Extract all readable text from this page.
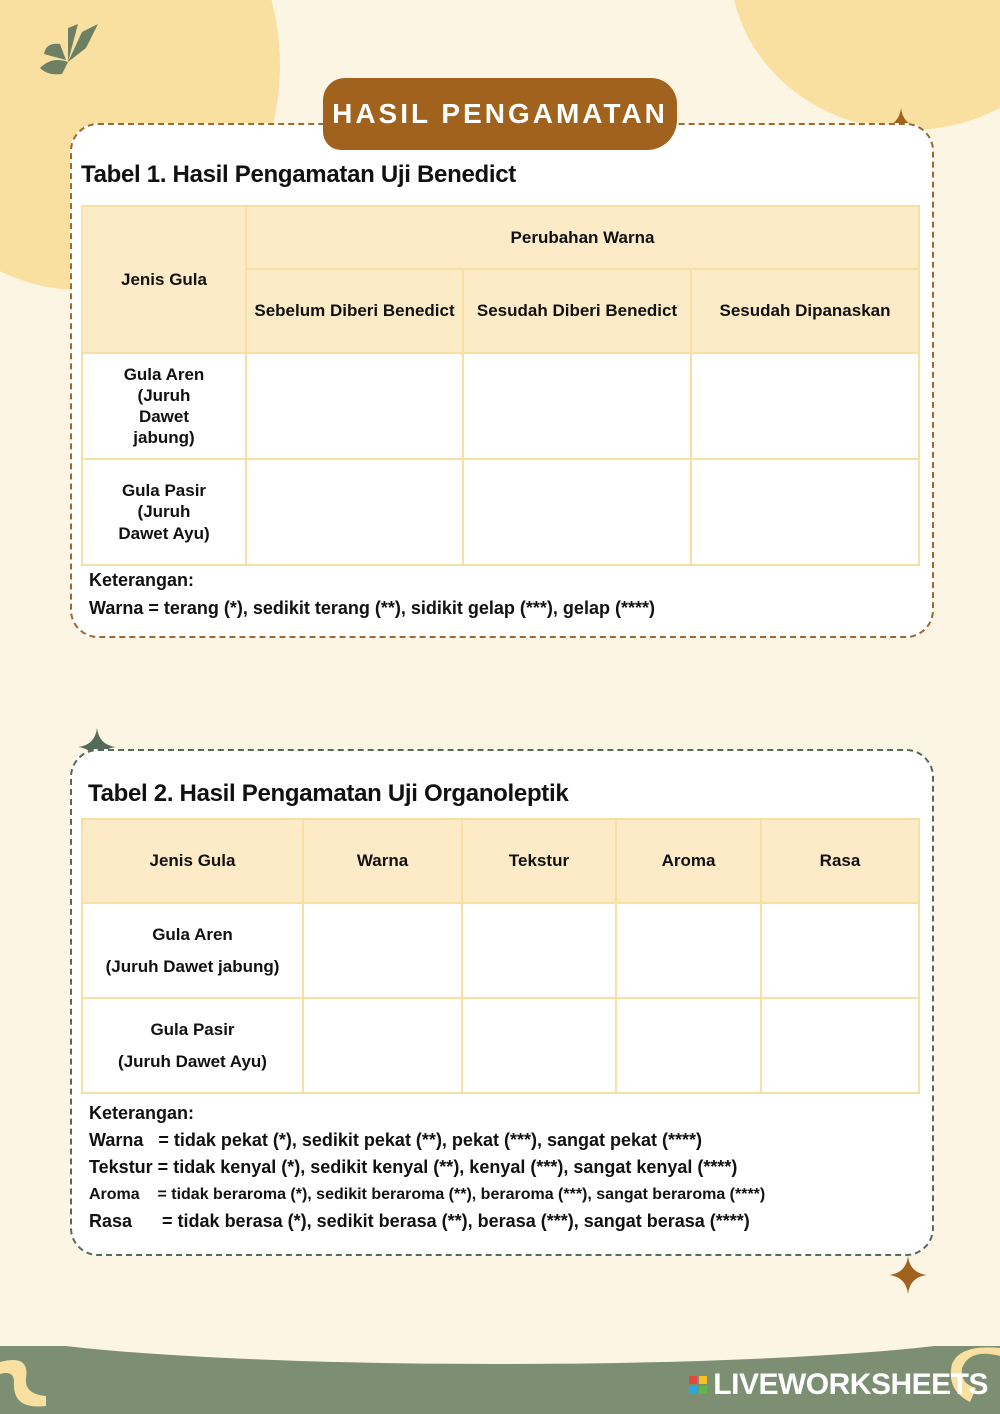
HASIL PENGAMATAN
Tabel 1. Hasil Pengamatan Uji Benedict
Jenis Gula	Perubahan Warna		
	Sebelum Diberi Benedict	Sesudah Diberi Benedict	Sesudah Dipanaskan
Gula Aren (Juruh Dawet jabung)			
Gula Pasir (Juruh Dawet Ayu)			
Keterangan:
Warna = terang (*), sedikit terang (**), sidikit gelap (***), gelap (****)
Tabel 2. Hasil Pengamatan Uji Organoleptik
Jenis Gula	Warna	Tekstur	Aroma	Rasa

Gula Aren
(Juruh Dawet jabung)				

Gula Pasir
(Juruh Dawet Ayu)				

Keterangan:
Warna   = tidak pekat (*), sedikit pekat (**), pekat (***), sangat pekat (****)
Tekstur = tidak kenyal (*), sedikit kenyal (**), kenyal (***), sangat kenyal (****)
Aroma    = tidak beraroma (*), sedikit beraroma (**), beraroma (***), sangat beraroma (****)
Rasa      = tidak berasa (*), sedikit berasa (**), berasa (***), sangat berasa (****)
LIVEWORKSHEETS
